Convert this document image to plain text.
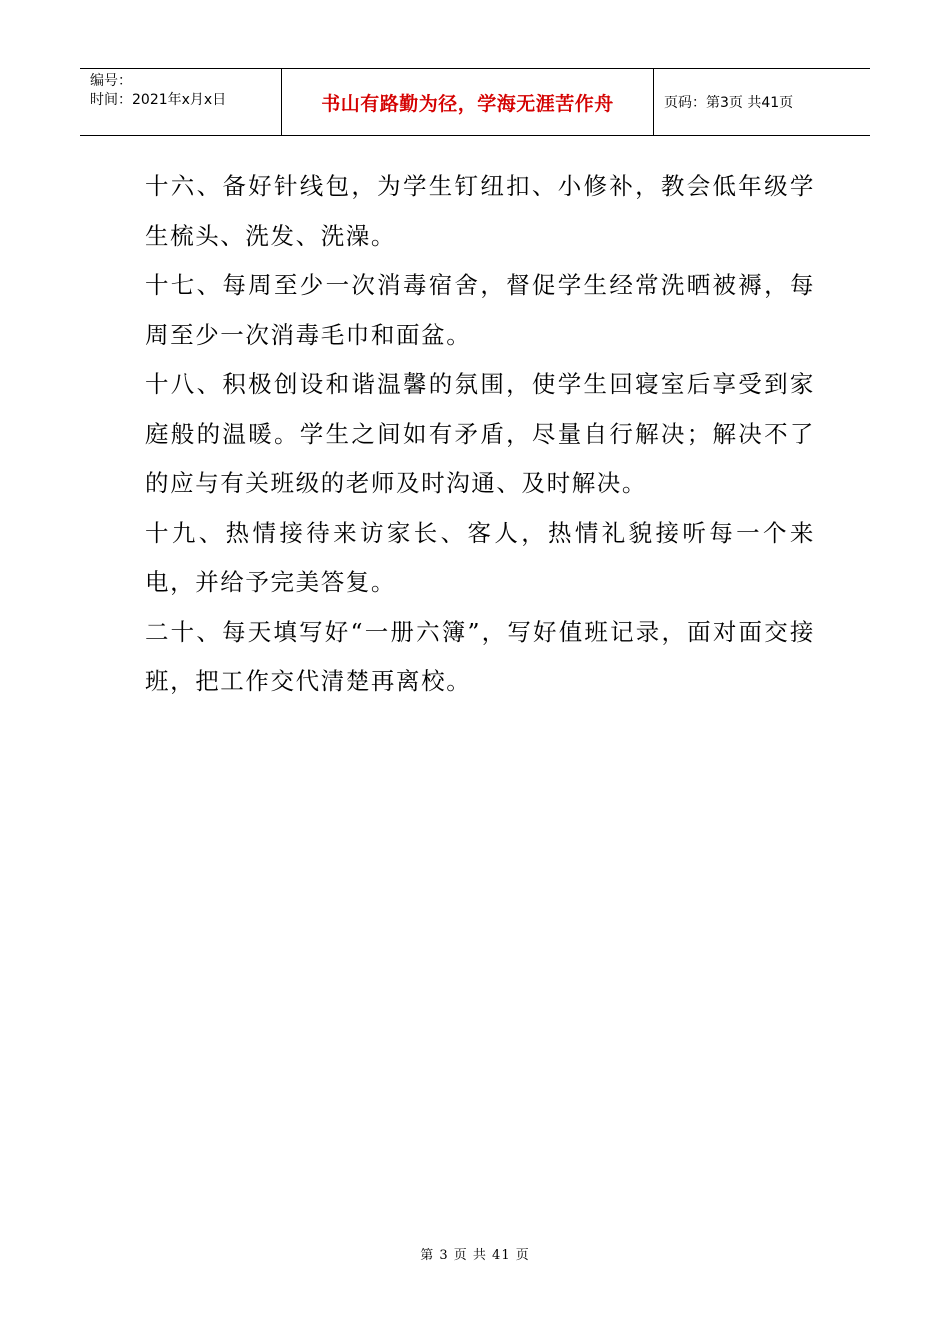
编号：
时间：2021年x月x日	书山有路勤为径，学海无涯苦作舟	页码：第3页 共41页

十六、备好针线包，为学生钉纽扣、小修补，教会低年级学生梳头、洗发、洗澡。

十七、每周至少一次消毒宿舍，督促学生经常洗晒被褥，每周至少一次消毒毛巾和面盆。

十八、积极创设和谐温馨的氛围，使学生回寝室后享受到家庭般的温暖。学生之间如有矛盾，尽量自行解决；解决不了的应与有关班级的老师及时沟通、及时解决。

十九、热情接待来访家长、客人，热情礼貌接听每一个来电，并给予完美答复。

二十、每天填写好“一册六簿”，写好值班记录，面对面交接班，把工作交代清楚再离校。

第 3 页 共 41 页
